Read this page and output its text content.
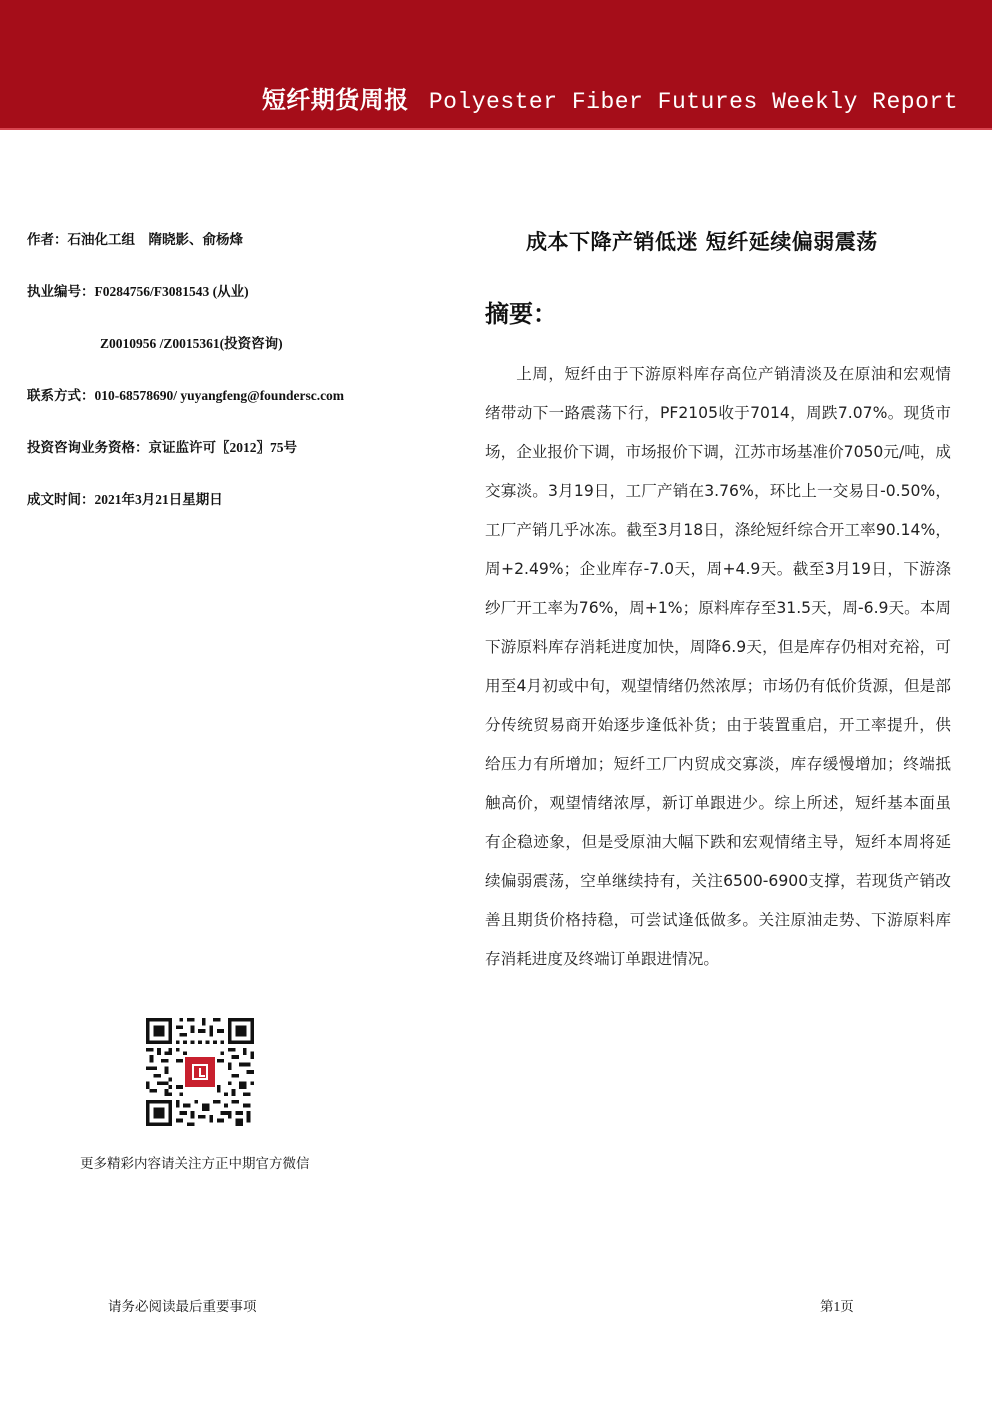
短纤期货周报 Polyester Fiber Futures Weekly Report
作者：石油化工组　隋晓影、俞杨烽
执业编号：F0284756/F3081543 (从业)
Z0010956 /Z0015361(投资咨询)
联系方式：010-68578690/ yuyangfeng@foundersc.com
投资咨询业务资格：京证监许可〖2012〗75号
成文时间：2021年3月21日星期日
成本下降产销低迷 短纤延续偏弱震荡
摘要：

上周，短纤由于下游原料库存高位产销清淡及在原油和宏观情绪带动下一路震荡下行，PF2105收于7014，周跌7.07%。现货市场，企业报价下调，市场报价下调，江苏市场基准价7050元/吨，成交寡淡。3月19日，工厂产销在3.76%，环比上一交易日-0.50%，工厂产销几乎冰冻。截至3月18日，涤纶短纤综合开工率90.14%，周+2.49%；企业库存-7.0天，周+4.9天。截至3月19日，下游涤纱厂开工率为76%，周+1%；原料库存至31.5天，周-6.9天。本周下游原料库存消耗进度加快，周降6.9天，但是库存仍相对充裕，可用至4月初或中旬，观望情绪仍然浓厚；市场仍有低价货源，但是部分传统贸易商开始逐步逢低补货；由于装置重启，开工率提升，供给压力有所增加；短纤工厂内贸成交寡淡，库存缓慢增加；终端抵触高价，观望情绪浓厚，新订单跟进少。综上所述，短纤基本面虽有企稳迹象，但是受原油大幅下跌和宏观情绪主导，短纤本周将延续偏弱震荡，空单继续持有，关注6500-6900支撑，若现货产销改善且期货价格持稳，可尝试逢低做多。关注原油走势、下游原料库存消耗进度及终端订单跟进情况。

更多精彩内容请关注方正中期官方微信
请务必阅读最后重要事项	第1页
